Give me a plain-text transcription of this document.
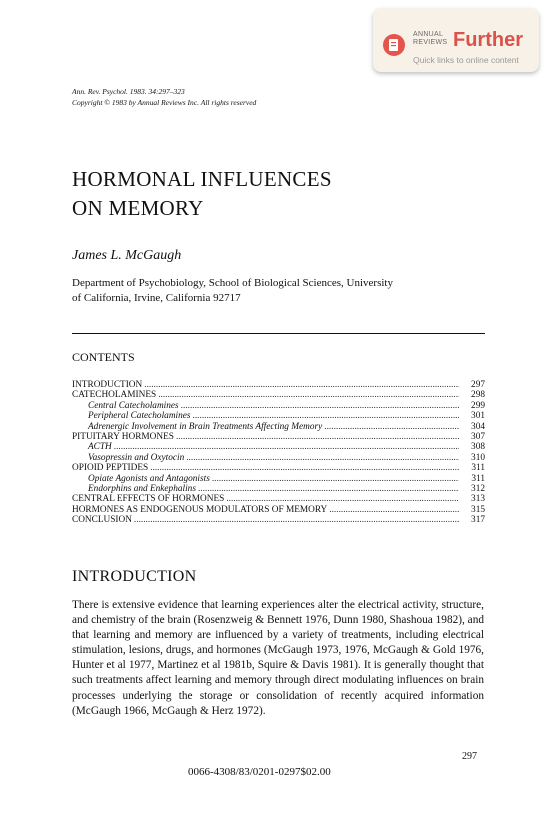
ANNUAL
REVIEWS Further
Quick links to online content
Ann. Rev. Psychol. 1983. 34:297–323
Copyright © 1983 by Annual Reviews Inc. All rights reserved
HORMONAL INFLUENCES
ON MEMORY
James L. McGaugh
Department of Psychobiology, School of Biological Sciences, University
of California, Irvine, California 92717
CONTENTS
INTRODUCTION .....	297
CATECHOLAMINES .....	298
Central Catecholamines .....	299
Peripheral Catecholamines .....	301
Adrenergic Involvement in Brain Treatments Affecting Memory .....	304
PITUITARY HORMONES .....	307
ACTH .....	308
Vasopressin and Oxytocin .....	310
OPIOID PEPTIDES .....	311
Opiate Agonists and Antagonists .....	311
Endorphins and Enkephalins .....	312
CENTRAL EFFECTS OF HORMONES .....	313
HORMONES AS ENDOGENOUS MODULATORS OF MEMORY .....	315
CONCLUSION .....	317
INTRODUCTION

There is extensive evidence that learning experiences alter the electrical activity, structure, and chemistry of the brain (Rosenzweig & Bennett 1976, Dunn 1980, Shashoua 1982), and that learning and memory are influenced by a variety of treatments, including electrical stimulation, lesions, drugs, and hormones (McGaugh 1973, 1976, McGaugh & Gold 1976, Hunter et al 1977, Martinez et al 1981b, Squire & Davis 1981). It is generally thought that such treatments affect learning and memory through direct modulating influences on brain processes underlying the storage or consolidation of recently acquired information (McGaugh 1966, McGaugh & Herz 1972).

297
0066-4308/83/0201-0297$02.00
